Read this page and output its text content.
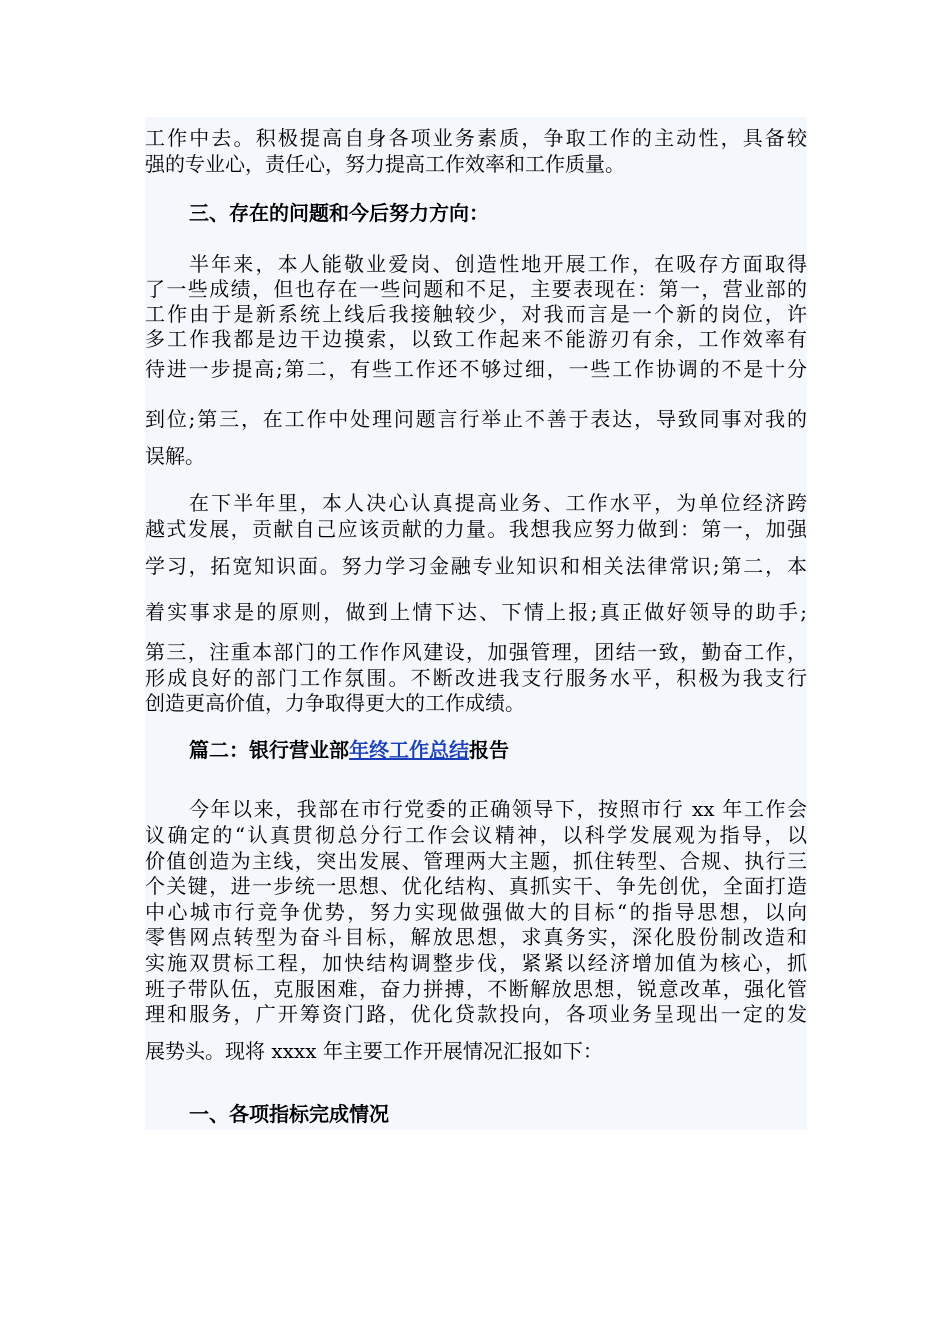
工作中去。积极提高自身各项业务素质，争取工作的主动性，具备较
强的专业心，责任心，努力提高工作效率和工作质量。
三、存在的问题和今后努力方向：
半年来，本人能敬业爱岗、创造性地开展工作，在吸存方面取得
了一些成绩，但也存在一些问题和不足，主要表现在：第一，营业部的
工作由于是新系统上线后我接触较少，对我而言是一个新的岗位，许
多工作我都是边干边摸索，以致工作起来不能游刃有余，工作效率有
待进一步提高;第二，有些工作还不够过细，一些工作协调的不是十分
到位;第三，在工作中处理问题言行举止不善于表达，导致同事对我的
误解。
在下半年里，本人决心认真提高业务、工作水平，为单位经济跨
越式发展，贡献自己应该贡献的力量。我想我应努力做到：第一，加强
学习，拓宽知识面。努力学习金融专业知识和相关法律常识;第二，本
着实事求是的原则，做到上情下达、下情上报;真正做好领导的助手;
第三，注重本部门的工作作风建设，加强管理，团结一致，勤奋工作，
形成良好的部门工作氛围。不断改进我支行服务水平，积极为我支行
创造更高价值，力争取得更大的工作成绩。
篇二：银行营业部年终工作总结报告
今年以来，我部在市行党委的正确领导下，按照市行 xx 年工作会
议确定的“认真贯彻总分行工作会议精神，以科学发展观为指导，以
价值创造为主线，突出发展、管理两大主题，抓住转型、合规、执行三
个关键，进一步统一思想、优化结构、真抓实干、争先创优，全面打造
中心城市行竞争优势，努力实现做强做大的目标“的指导思想，以向
零售网点转型为奋斗目标，解放思想，求真务实，深化股份制改造和
实施双贯标工程，加快结构调整步伐，紧紧以经济增加值为核心，抓
班子带队伍，克服困难，奋力拼搏，不断解放思想，锐意改革，强化管
理和服务，广开筹资门路，优化贷款投向，各项业务呈现出一定的发
展势头。现将 xxxx 年主要工作开展情况汇报如下：
一、各项指标完成情况
